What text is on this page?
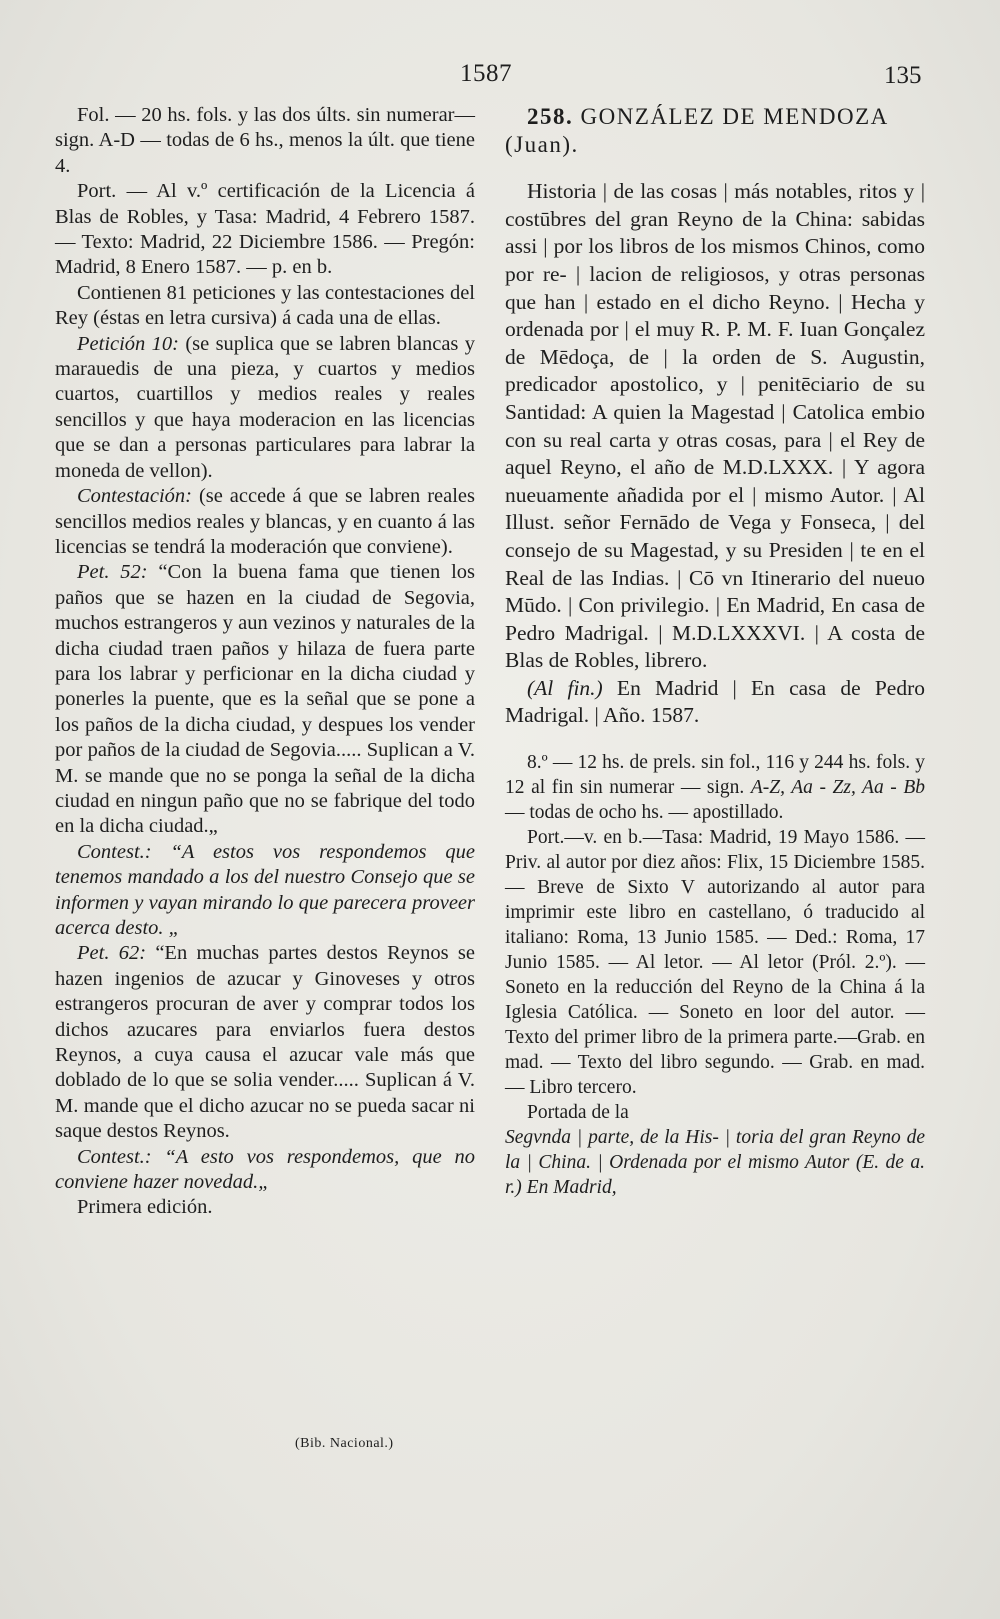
1587	135

Fol. — 20 hs. fols. y las dos últs. sin numerar—sign. A-D — todas de 6 hs., menos la últ. que tiene 4.

Port. — Al v.º certificación de la Licencia á Blas de Robles, y Tasa: Madrid, 4 Febrero 1587. — Texto: Madrid, 22 Diciembre 1586. — Pregón: Madrid, 8 Enero 1587. — p. en b.

Contienen 81 peticiones y las contestaciones del Rey (éstas en letra cursiva) á cada una de ellas.

Petición 10: (se suplica que se labren blancas y marauedis de una pieza, y cuartos y medios cuartos, cuartillos y medios reales y reales sencillos y que haya moderacion en las licencias que se dan a personas particulares para labrar la moneda de vellon).

Contestación: (se accede á que se labren reales sencillos medios reales y blancas, y en cuanto á las licencias se tendrá la moderación que conviene).

Pet. 52: “Con la buena fama que tienen los paños que se hazen en la ciudad de Segovia, muchos estrangeros y aun vezinos y naturales de la dicha ciudad traen paños y hilaza de fuera parte para los labrar y perficionar en la dicha ciudad y ponerles la puente, que es la señal que se pone a los paños de la dicha ciudad, y despues los vender por paños de la ciudad de Segovia..... Suplican a V. M. se mande que no se ponga la señal de la dicha ciudad en ningun paño que no se fabrique del todo en la dicha ciudad.„

Contest.: “A estos vos respondemos que tenemos mandado a los del nuestro Consejo que se informen y vayan mirando lo que parecera proveer acerca desto. „

Pet. 62: “En muchas partes destos Reynos se hazen ingenios de azucar y Ginoveses y otros estrangeros procuran de aver y comprar todos los dichos azucares para enviarlos fuera destos Reynos, a cuya causa el azucar vale más que doblado de lo que se solia vender..... Suplican á V. M. mande que el dicho azucar no se pueda sacar ni saque destos Reynos.

Contest.: “A esto vos respondemos, que no conviene hazer novedad.„

Primera edición.

(Bib. Nacional.)

258. GONZÁLEZ DE MENDOZA (Juan).

Historia | de las cosas | más notables, ritos y | costūbres del gran Reyno de la China: sabidas assi | por los libros de los mismos Chinos, como por re- | lacion de religiosos, y otras personas que han | estado en el dicho Reyno. | Hecha y ordenada por | el muy R. P. M. F. Iuan Gonçalez de Mēdoça, de | la orden de S. Augustin, predicador apostolico, y | penitēciario de su Santidad: A quien la Magestad | Catolica embio con su real carta y otras cosas, para | el Rey de aquel Reyno, el año de M.D.LXXX. | Y agora nueuamente añadida por el | mismo Autor. | Al Illust. señor Fernādo de Vega y Fonseca, | del consejo de su Magestad, y su Presiden | te en el Real de las Indias. | Cō vn Itinerario del nueuo Mūdo. | Con privilegio. | En Madrid, En casa de Pedro Madrigal. | M.D.LXXXVI. | A costa de Blas de Robles, librero.

(Al fin.) En Madrid | En casa de Pedro Madrigal. | Año. 1587.

8.º — 12 hs. de prels. sin fol., 116 y 244 hs. fols. y 12 al fin sin numerar — sign. A-Z, Aa - Zz, Aa - Bb — todas de ocho hs. — apostillado.

Port.—v. en b.—Tasa: Madrid, 19 Mayo 1586. — Priv. al autor por diez años: Flix, 15 Diciembre 1585. — Breve de Sixto V autorizando al autor para imprimir este libro en castellano, ó traducido al italiano: Roma, 13 Junio 1585. — Ded.: Roma, 17 Junio 1585. — Al letor. — Al letor (Pról. 2.º). — Soneto en la reducción del Reyno de la China á la Iglesia Católica. — Soneto en loor del autor. — Texto del primer libro de la primera parte.—Grab. en mad. — Texto del libro segundo. — Grab. en mad. — Libro tercero.

Portada de la

Segvnda | parte, de la His- | toria del gran Reyno de la | China. | Ordenada por el mismo Autor (E. de a. r.) En Madrid,
